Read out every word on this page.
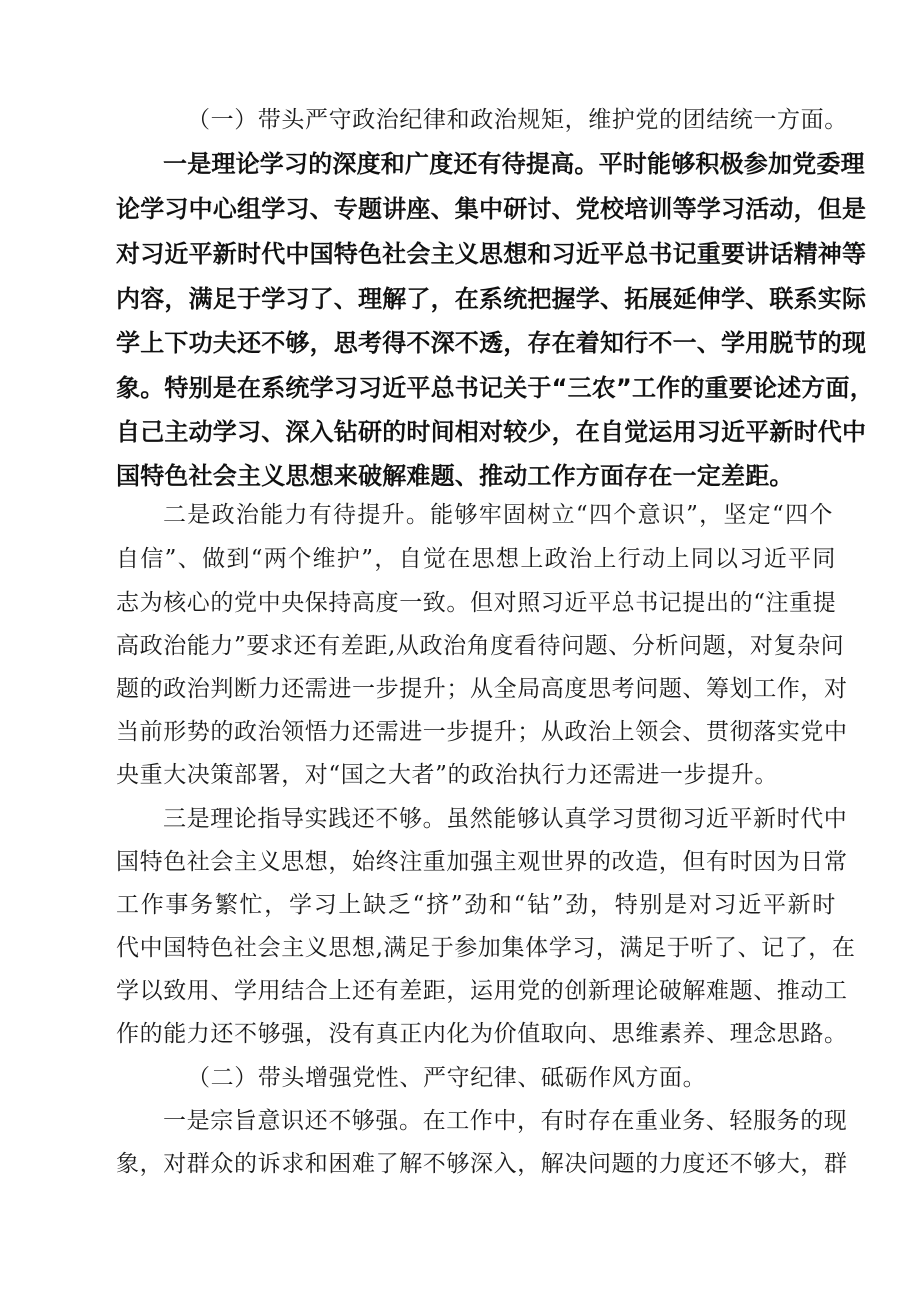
（一）带头严守政治纪律和政治规矩，维护党的团结统一方面。
一是理论学习的深度和广度还有待提高。平时能够积极参加党委理
论学习中心组学习、专题讲座、集中研讨、党校培训等学习活动，但是
对习近平新时代中国特色社会主义思想和习近平总书记重要讲话精神等
内容，满足于学习了、理解了，在系统把握学、拓展延伸学、联系实际
学上下功夫还不够，思考得不深不透，存在着知行不一、学用脱节的现
象。特别是在系统学习习近平总书记关于“三农”工作的重要论述方面，
自己主动学习、深入钻研的时间相对较少，在自觉运用习近平新时代中
国特色社会主义思想来破解难题、推动工作方面存在一定差距。
二是政治能力有待提升。能够牢固树立“四个意识”，坚定“四个
自信”、做到“两个维护”，自觉在思想上政治上行动上同以习近平同
志为核心的党中央保持高度一致。但对照习近平总书记提出的“注重提
高政治能力”要求还有差距,从政治角度看待问题、分析问题，对复杂问
题的政治判断力还需进一步提升；从全局高度思考问题、筹划工作，对
当前形势的政治领悟力还需进一步提升；从政治上领会、贯彻落实党中
央重大决策部署，对“国之大者”的政治执行力还需进一步提升。
三是理论指导实践还不够。虽然能够认真学习贯彻习近平新时代中
国特色社会主义思想，始终注重加强主观世界的改造，但有时因为日常
工作事务繁忙，学习上缺乏“挤”劲和“钻”劲，特别是对习近平新时
代中国特色社会主义思想,满足于参加集体学习，满足于听了、记了，在
学以致用、学用结合上还有差距，运用党的创新理论破解难题、推动工
作的能力还不够强，没有真正内化为价值取向、思维素养、理念思路。
（二）带头增强党性、严守纪律、砥砺作风方面。
一是宗旨意识还不够强。在工作中，有时存在重业务、轻服务的现
象，对群众的诉求和困难了解不够深入，解决问题的力度还不够大，群
